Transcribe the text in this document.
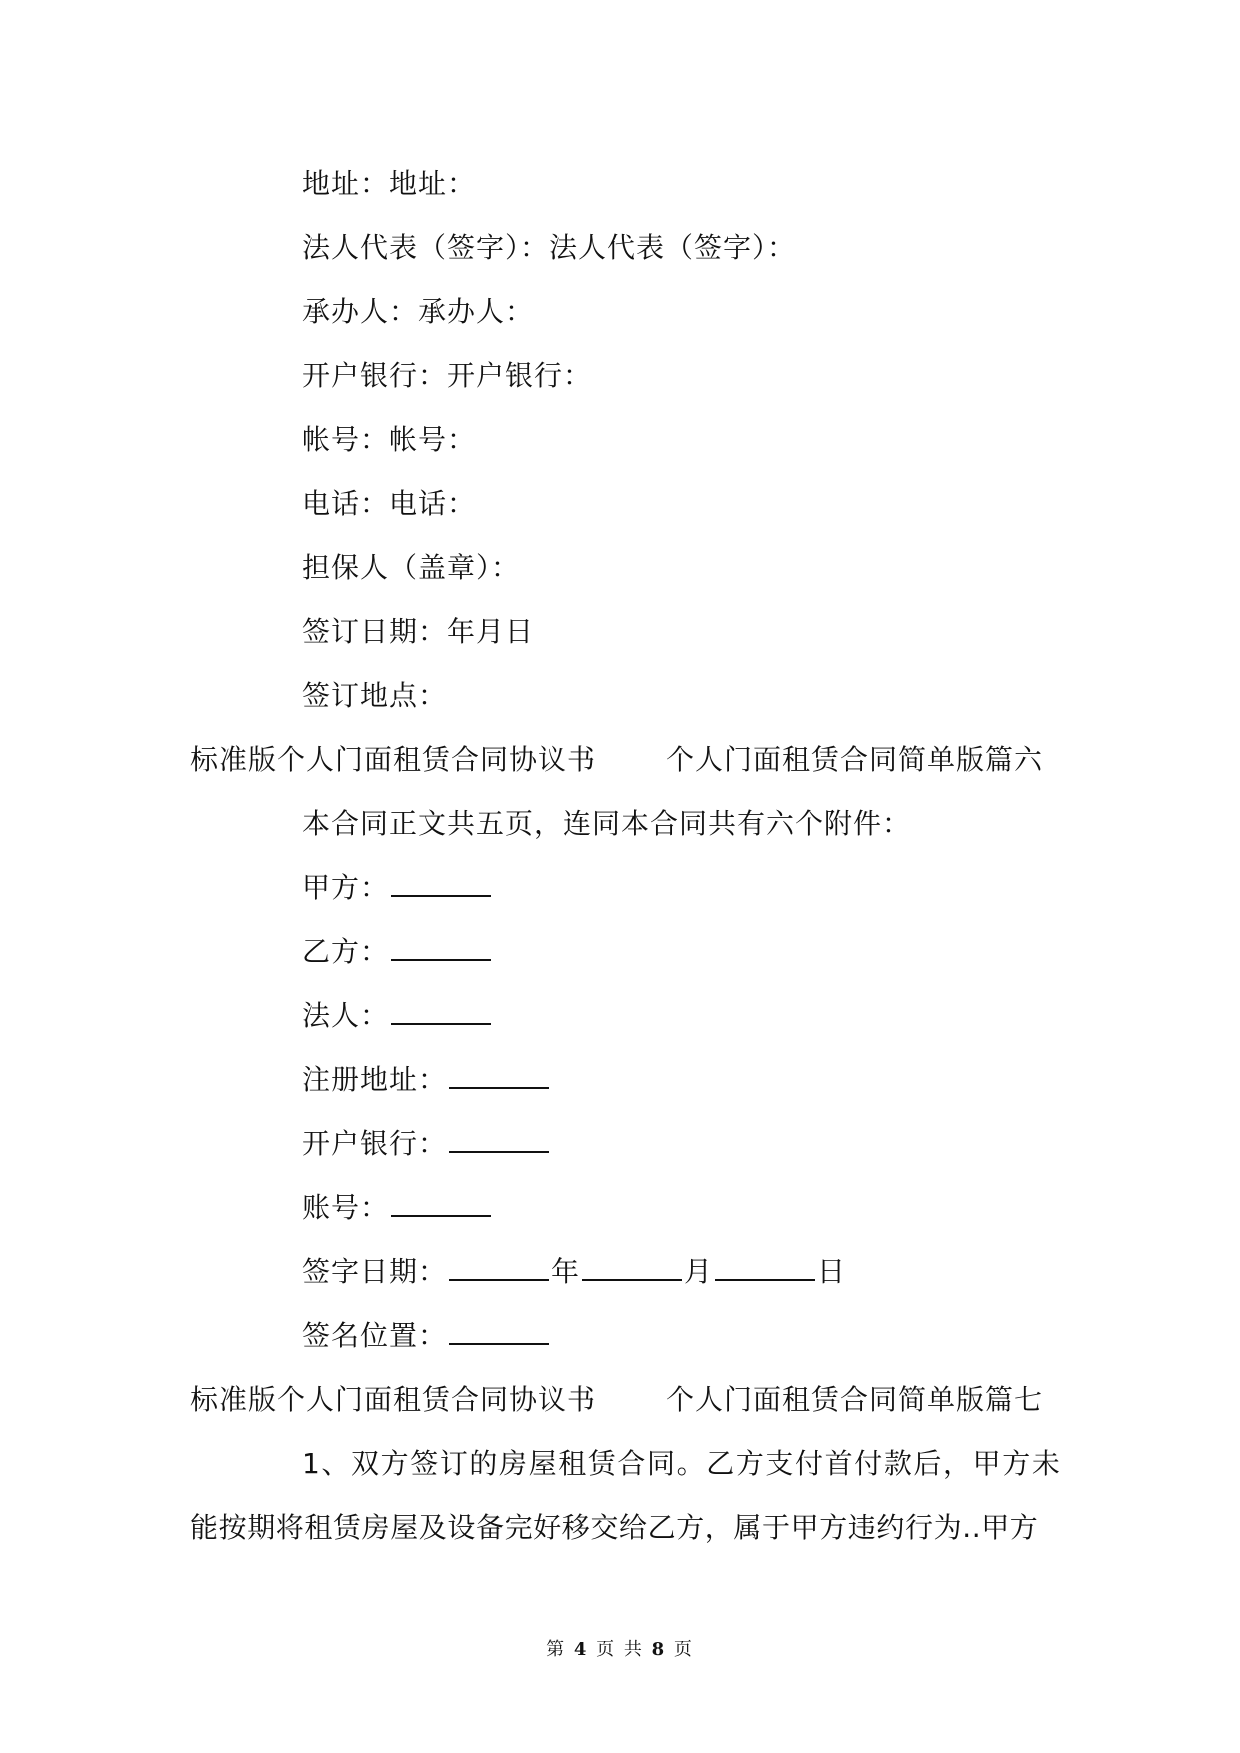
地址：地址：
法人代表（签字）：法人代表（签字）：
承办人：承办人：
开户银行：开户银行：
帐号：帐号：
电话：电话：
担保人（盖章）：
签订日期：年月日
签订地点：
标准版个人门面租赁合同协议书	个人门面租赁合同简单版篇六
本合同正文共五页，连同本合同共有六个附件：
甲方：
乙方：
法人：
注册地址：
开户银行：
账号：
签字日期：	年	月	日
签名位置：
标准版个人门面租赁合同协议书	个人门面租赁合同简单版篇七
1、双方签订的房屋租赁合同。乙方支付首付款后，甲方未
能按期将租赁房屋及设备完好移交给乙方，属于甲方违约行为..甲方
第 4 页 共 8 页
